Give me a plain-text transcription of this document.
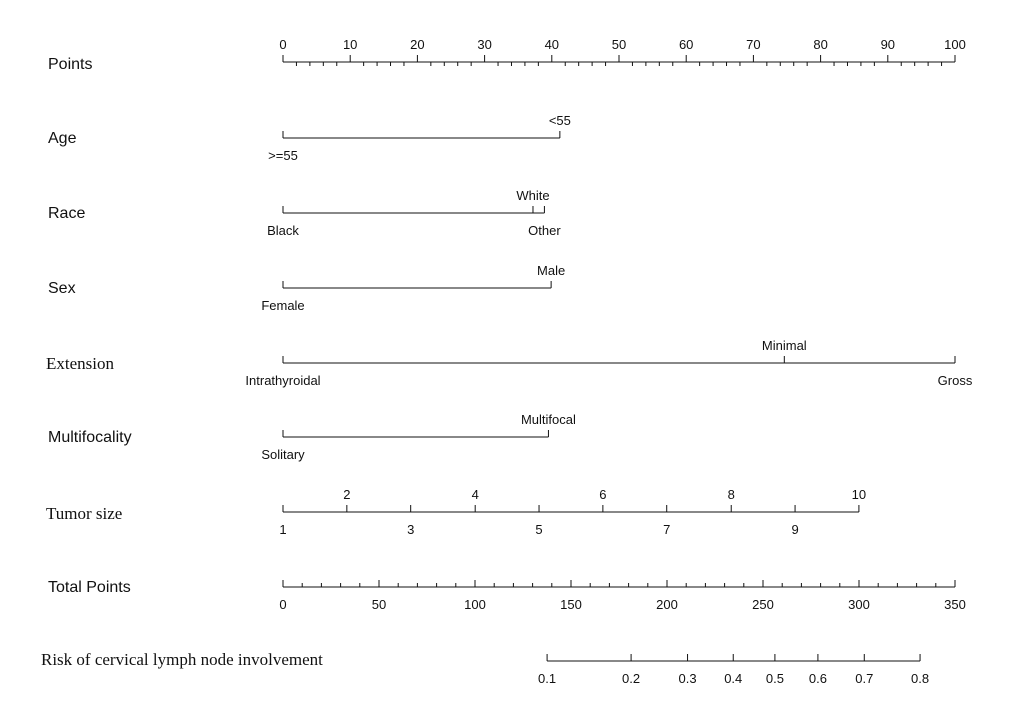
Points
0	10	20	30	40	50	60	70	80	90	100
Age
<55
>=55
Race
White
Black	Other
Sex
Male
Female
Extension
Minimal
Intrathyroidal	Gross
Multifocality
Multifocal
Solitary
Tumor size
2	4	6	8	10
1	3	5	7	9
Total Points
0	50	100	150	200	250	300	350
Risk of cervical lymph node involvement
0.1	0.2	0.3 0.4 0.5 0.6 0.7	0.8
